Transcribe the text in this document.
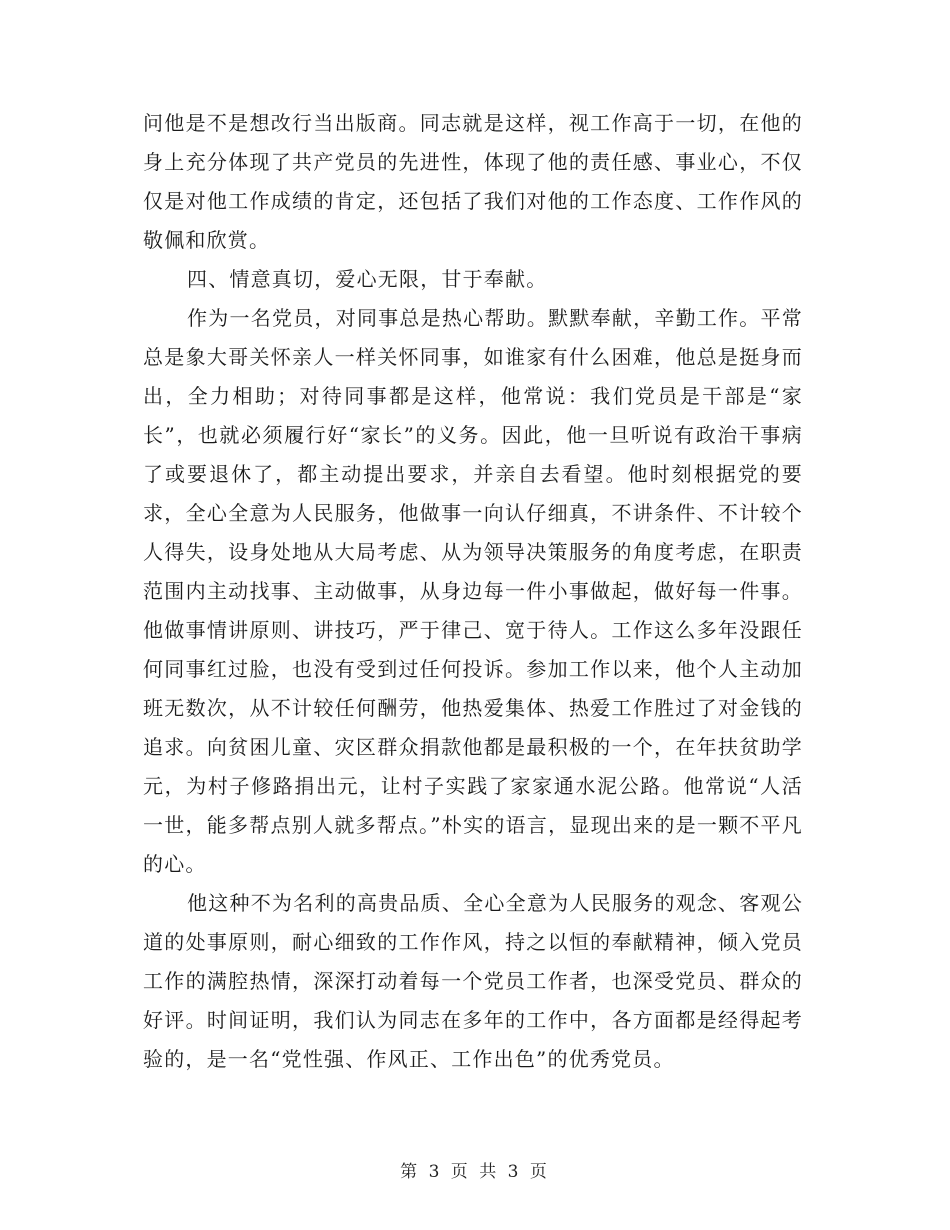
问他是不是想改行当出版商。同志就是这样，视工作高于一切，在他的身上充分体现了共产党员的先进性，体现了他的责任感、事业心，不仅仅是对他工作成绩的肯定，还包括了我们对他的工作态度、工作作风的敬佩和欣赏。

四、情意真切，爱心无限，甘于奉献。

作为一名党员，对同事总是热心帮助。默默奉献，辛勤工作。平常总是象大哥关怀亲人一样关怀同事，如谁家有什么困难，他总是挺身而出，全力相助；对待同事都是这样，他常说：我们党员是干部是“家长”，也就必须履行好“家长”的义务。因此，他一旦听说有政治干事病了或要退休了，都主动提出要求，并亲自去看望。他时刻根据党的要求，全心全意为人民服务，他做事一向认仔细真，不讲条件、不计较个人得失，设身处地从大局考虑、从为领导决策服务的角度考虑，在职责范围内主动找事、主动做事，从身边每一件小事做起，做好每一件事。他做事情讲原则、讲技巧，严于律己、宽于待人。工作这么多年没跟任何同事红过脸，也没有受到过任何投诉。参加工作以来，他个人主动加班无数次，从不计较任何酬劳，他热爱集体、热爱工作胜过了对金钱的追求。向贫困儿童、灾区群众捐款他都是最积极的一个，在年扶贫助学元，为村子修路捐出元，让村子实践了家家通水泥公路。他常说“人活一世，能多帮点别人就多帮点。”朴实的语言，显现出来的是一颗不平凡的心。

他这种不为名利的高贵品质、全心全意为人民服务的观念、客观公道的处事原则，耐心细致的工作作风，持之以恒的奉献精神，倾入党员工作的满腔热情，深深打动着每一个党员工作者，也深受党员、群众的好评。时间证明，我们认为同志在多年的工作中，各方面都是经得起考验的，是一名“党性强、作风正、工作出色”的优秀党员。

第 3 页 共 3 页
